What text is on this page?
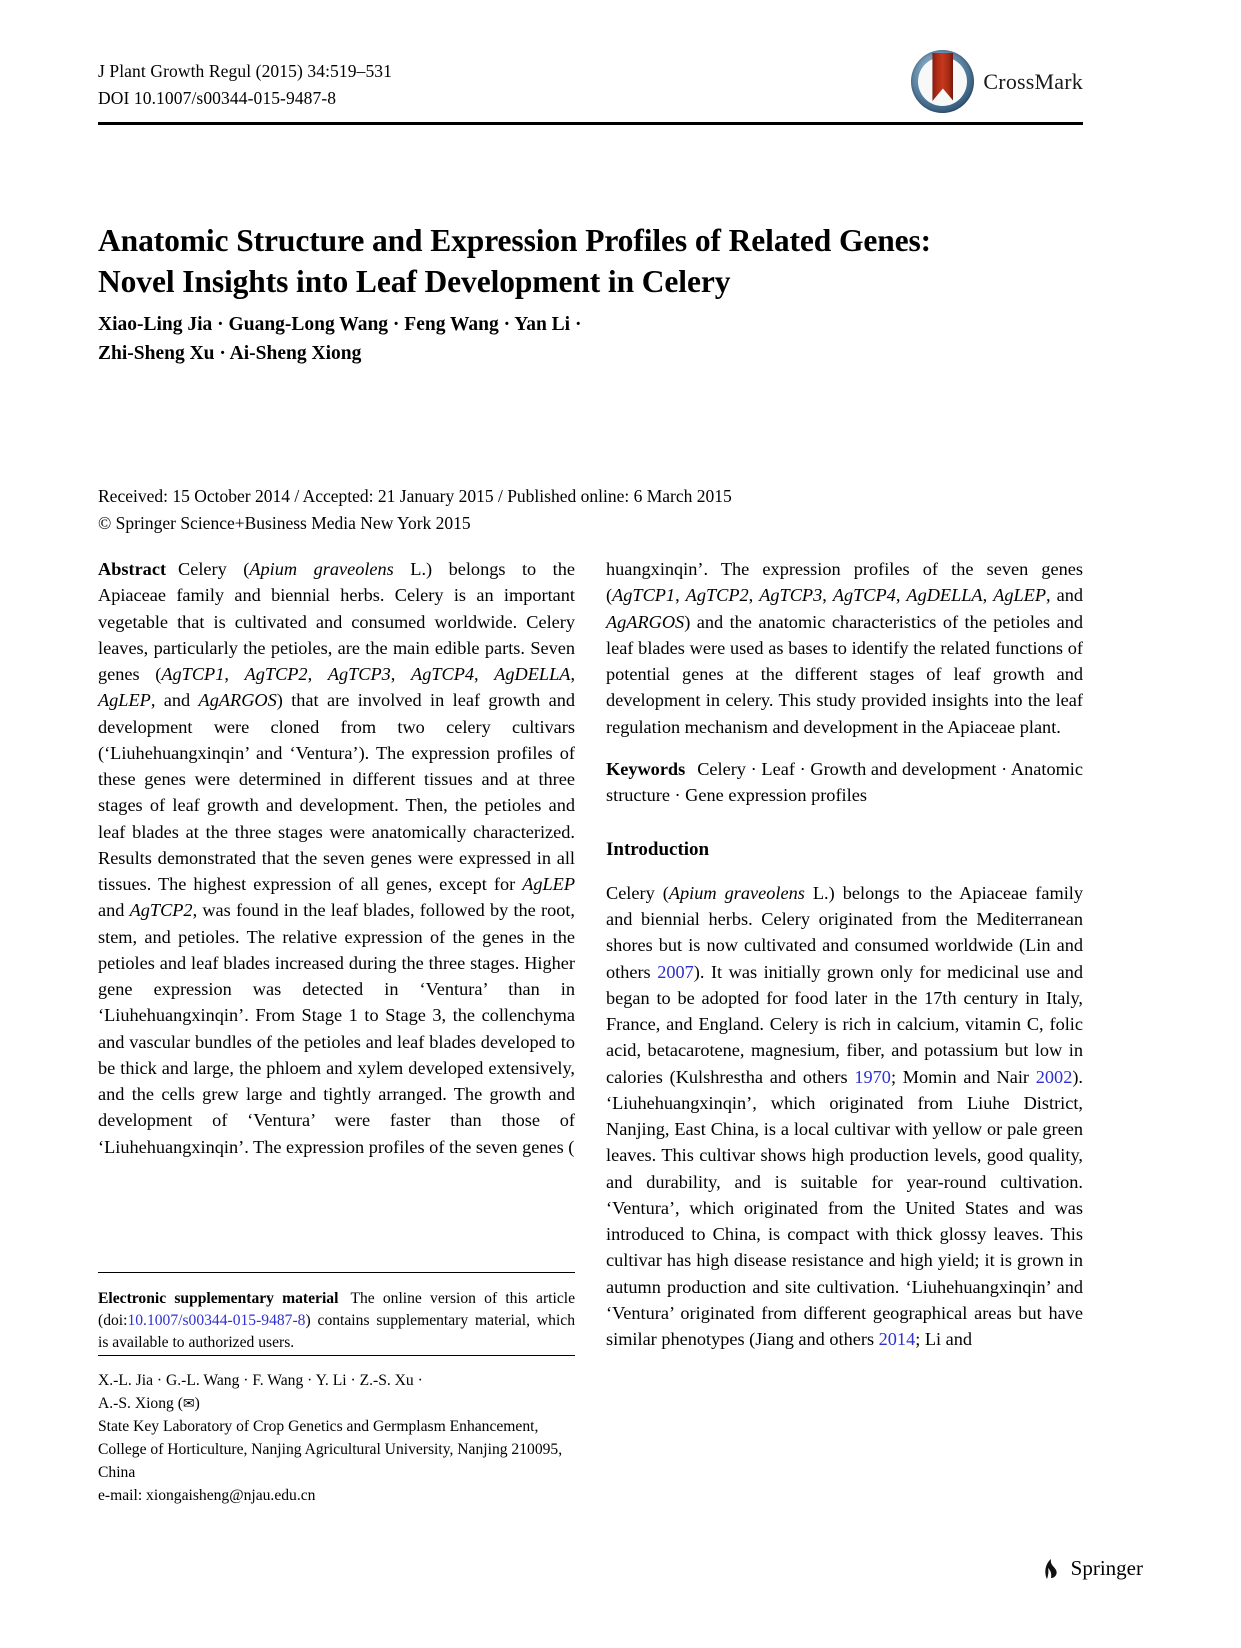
J Plant Growth Regul (2015) 34:519–531
DOI 10.1007/s00344-015-9487-8
CrossMark
Anatomic Structure and Expression Profiles of Related Genes: Novel Insights into Leaf Development in Celery
Xiao-Ling Jia · Guang-Long Wang · Feng Wang · Yan Li · Zhi-Sheng Xu · Ai-Sheng Xiong
Received: 15 October 2014 / Accepted: 21 January 2015 / Published online: 6 March 2015
© Springer Science+Business Media New York 2015

Abstract Celery (Apium graveolens L.) belongs to the Apiaceae family and biennial herbs. Celery is an important vegetable that is cultivated and consumed worldwide. Celery leaves, particularly the petioles, are the main edible parts. Seven genes (AgTCP1, AgTCP2, AgTCP3, AgTCP4, AgDELLA, AgLEP, and AgARGOS) that are involved in leaf growth and development were cloned from two celery cultivars (‘Liuhehuangxinqin’ and ‘Ventura’). The expression profiles of these genes were determined in different tissues and at three stages of leaf growth and development. Then, the petioles and leaf blades at the three stages were anatomically characterized. Results demonstrated that the seven genes were expressed in all tissues. The highest expression of all genes, except for AgLEP and AgTCP2, was found in the leaf blades, followed by the root, stem, and petioles. The relative expression of the genes in the petioles and leaf blades increased during the three stages. Higher gene expression was detected in ‘Ventura’ than in ‘Liuhehuangxinqin’. From Stage 1 to Stage 3, the collenchyma and vascular bundles of the petioles and leaf blades developed to be thick and large, the phloem and xylem developed extensively, and the cells grew large and tightly arranged. The growth and development of ‘Ventura’ were faster than those of ‘Liuhehuangxinqin’. The expression profiles of the seven genes (

huangxinqin’. The expression profiles of the seven genes (AgTCP1, AgTCP2, AgTCP3, AgTCP4, AgDELLA, AgLEP, and AgARGOS) and the anatomic characteristics of the petioles and leaf blades were used as bases to identify the related functions of potential genes at the different stages of leaf growth and development in celery. This study provided insights into the leaf regulation mechanism and development in the Apiaceae plant.

Keywords Celery · Leaf · Growth and development · Anatomic structure · Gene expression profiles

Introduction

Celery (Apium graveolens L.) belongs to the Apiaceae family and biennial herbs. Celery originated from the Mediterranean shores but is now cultivated and consumed worldwide (Lin and others 2007). It was initially grown only for medicinal use and began to be adopted for food later in the 17th century in Italy, France, and England. Celery is rich in calcium, vitamin C, folic acid, betacarotene, magnesium, fiber, and potassium but low in calories (Kulshrestha and others 1970; Momin and Nair 2002). ‘Liuhehuangxinqin’, which originated from Liuhe District, Nanjing, East China, is a local cultivar with yellow or pale green leaves. This cultivar shows high production levels, good quality, and durability, and is suitable for year-round cultivation. ‘Ventura’, which originated from the United States and was introduced to China, is compact with thick glossy leaves. This cultivar has high disease resistance and high yield; it is grown in autumn production and site cultivation. ‘Liuhehuangxinqin’ and ‘Ventura’ originated from different geographical areas but have similar phenotypes (Jiang and others 2014; Li and

Electronic supplementary material The online version of this article (doi:10.1007/s00344-015-9487-8) contains supplementary material, which is available to authorized users.

X.-L. Jia · G.-L. Wang · F. Wang · Y. Li · Z.-S. Xu ·

A.-S. Xiong (✉)

State Key Laboratory of Crop Genetics and Germplasm Enhancement, College of Horticulture, Nanjing Agricultural University, Nanjing 210095, China

e-mail: xiongaisheng@njau.edu.cn

Springer
